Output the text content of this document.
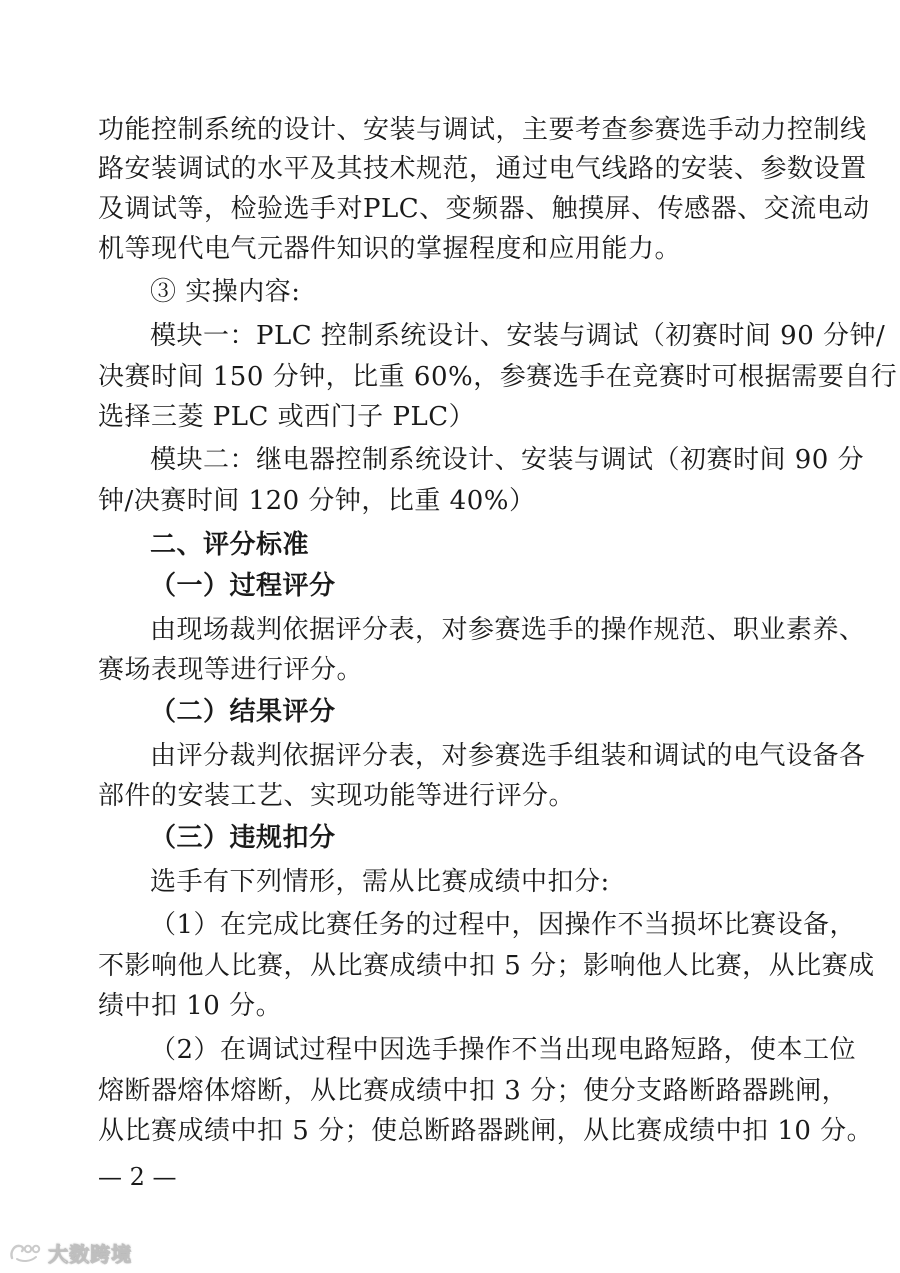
功能控制系统的设计、安装与调试，主要考查参赛选手动力控制线
路安装调试的水平及其技术规范，通过电气线路的安装、参数设置
及调试等，检验选手对PLC、变频器、触摸屏、传感器、交流电动
机等现代电气元器件知识的掌握程度和应用能力。
③ 实操内容:
模块一：PLC 控制系统设计、安装与调试（初赛时间 90 分钟/
决赛时间 150 分钟，比重 60%，参赛选手在竞赛时可根据需要自行
选择三菱 PLC 或西门子 PLC）
模块二：继电器控制系统设计、安装与调试（初赛时间 90 分
钟/决赛时间 120 分钟，比重 40%）
二、评分标准
（一）过程评分
由现场裁判依据评分表，对参赛选手的操作规范、职业素养、
赛场表现等进行评分。
（二）结果评分
由评分裁判依据评分表，对参赛选手组装和调试的电气设备各
部件的安装工艺、实现功能等进行评分。
（三）违规扣分
选手有下列情形，需从比赛成绩中扣分:
（1）在完成比赛任务的过程中，因操作不当损坏比赛设备，
不影响他人比赛，从比赛成绩中扣 5 分；影响他人比赛，从比赛成
绩中扣 10 分。
（2）在调试过程中因选手操作不当出现电路短路，使本工位
熔断器熔体熔断，从比赛成绩中扣 3 分；使分支路断路器跳闸，
从比赛成绩中扣 5 分；使总断路器跳闸，从比赛成绩中扣 10 分。
— 2 —
大数跨境
